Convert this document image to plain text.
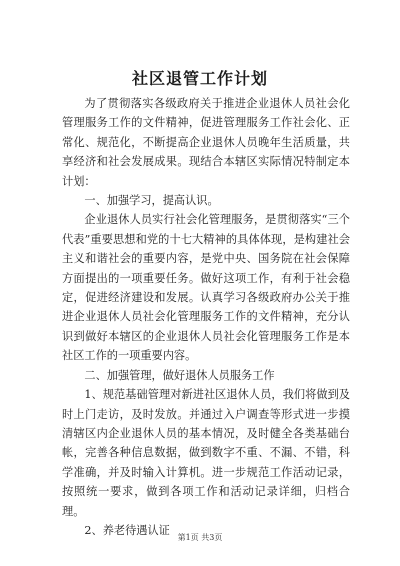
社区退管工作计划

为了贯彻落实各级政府关于推进企业退休人员社会化管理服务工作的文件精神，促进管理服务工作社会化、正常化、规范化，不断提高企业退休人员晚年生活质量，共享经济和社会发展成果。现结合本辖区实际情况特制定本计划：

一、加强学习，提高认识。

企业退休人员实行社会化管理服务，是贯彻落实“三个代表”重要思想和党的十七大精神的具体体现，是构建社会主义和谐社会的重要内容，是党中央、国务院在社会保障方面提出的一项重要任务。做好这项工作，有利于社会稳定，促进经济建设和发展。认真学习各级政府办公关于推进企业退休人员社会化管理服务工作的文件精神，充分认识到做好本辖区的企业退休人员社会化管理服务工作是本社区工作的一项重要内容。

二、加强管理，做好退休人员服务工作

1、规范基础管理对新进社区退休人员，我们将做到及时上门走访，及时发放。并通过入户调查等形式进一步摸清辖区内企业退休人员的基本情况，及时健全各类基础台帐，完善各种信息数据，做到数字不重、不漏、不错，科学准确，并及时输入计算机。进一步规范工作活动记录，按照统一要求，做到各项工作和活动记录详细，归档合理。

2、养老待遇认证

第1页 共3页
